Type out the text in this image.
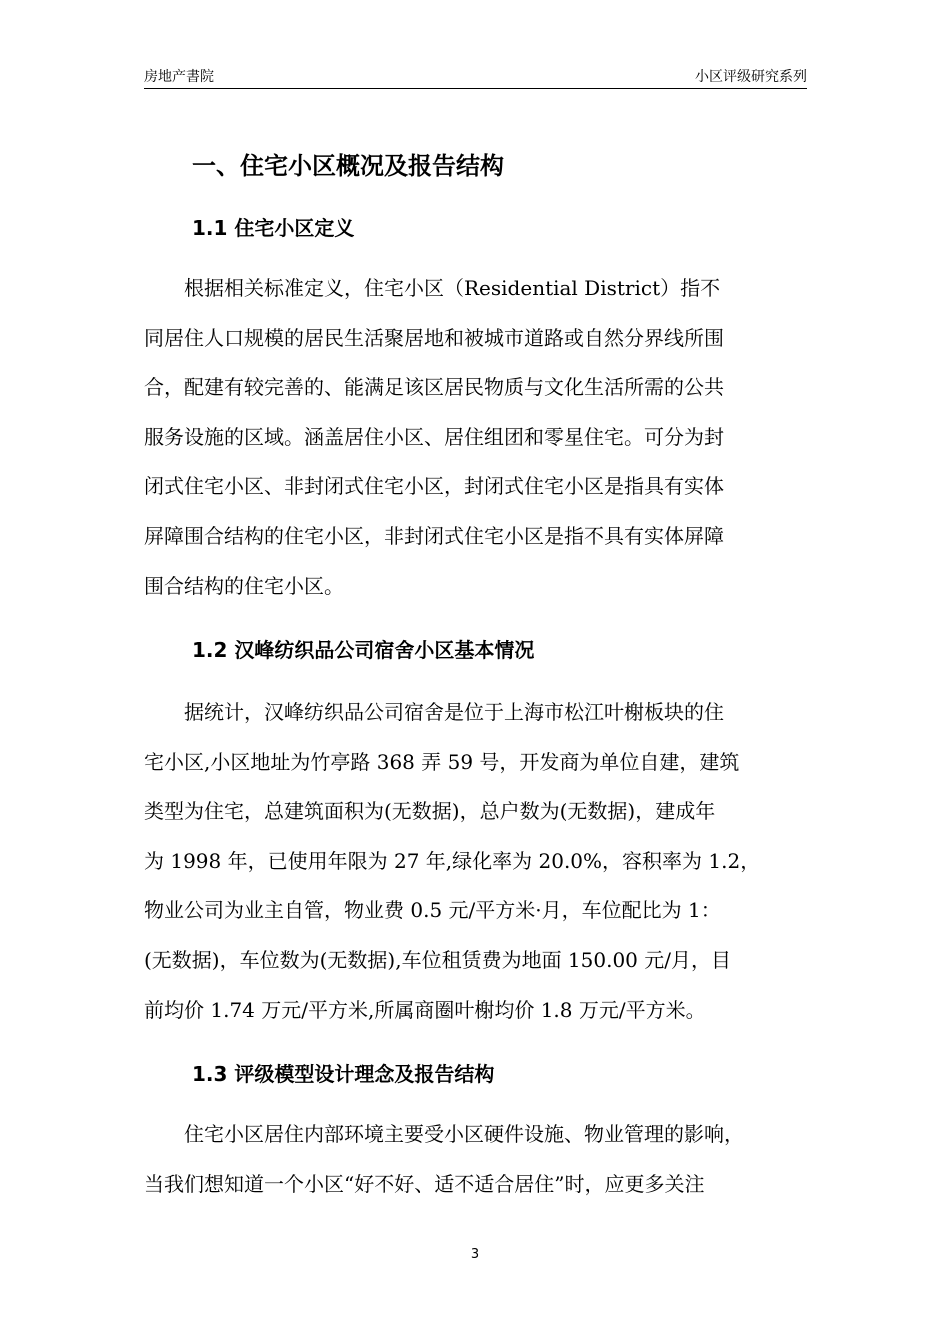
房地产書院	小区评级研究系列
一、住宅小区概况及报告结构
1.1 住宅小区定义
　　根据相关标准定义，住宅小区（Residential District）指不
同居住人口规模的居民生活聚居地和被城市道路或自然分界线所围
合，配建有较完善的、能满足该区居民物质与文化生活所需的公共
服务设施的区域。涵盖居住小区、居住组团和零星住宅。可分为封
闭式住宅小区、非封闭式住宅小区，封闭式住宅小区是指具有实体
屏障围合结构的住宅小区，非封闭式住宅小区是指不具有实体屏障
围合结构的住宅小区。
1.2 汉峰纺织品公司宿舍小区基本情况
　　据统计，汉峰纺织品公司宿舍是位于上海市松江叶榭板块的住
宅小区,小区地址为竹亭路 368 弄 59 号，开发商为单位自建，建筑
类型为住宅，总建筑面积为(无数据)，总户数为(无数据)，建成年
为 1998 年，已使用年限为 27 年,绿化率为 20.0%，容积率为 1.2，
物业公司为业主自管，物业费 0.5 元/平方米·月，车位配比为 1：
(无数据)，车位数为(无数据),车位租赁费为地面 150.00 元/月，目
前均价 1.74 万元/平方米,所属商圈叶榭均价 1.8 万元/平方米。
1.3 评级模型设计理念及报告结构
　　住宅小区居住内部环境主要受小区硬件设施、物业管理的影响，
当我们想知道一个小区“好不好、适不适合居住”时，应更多关注
3
